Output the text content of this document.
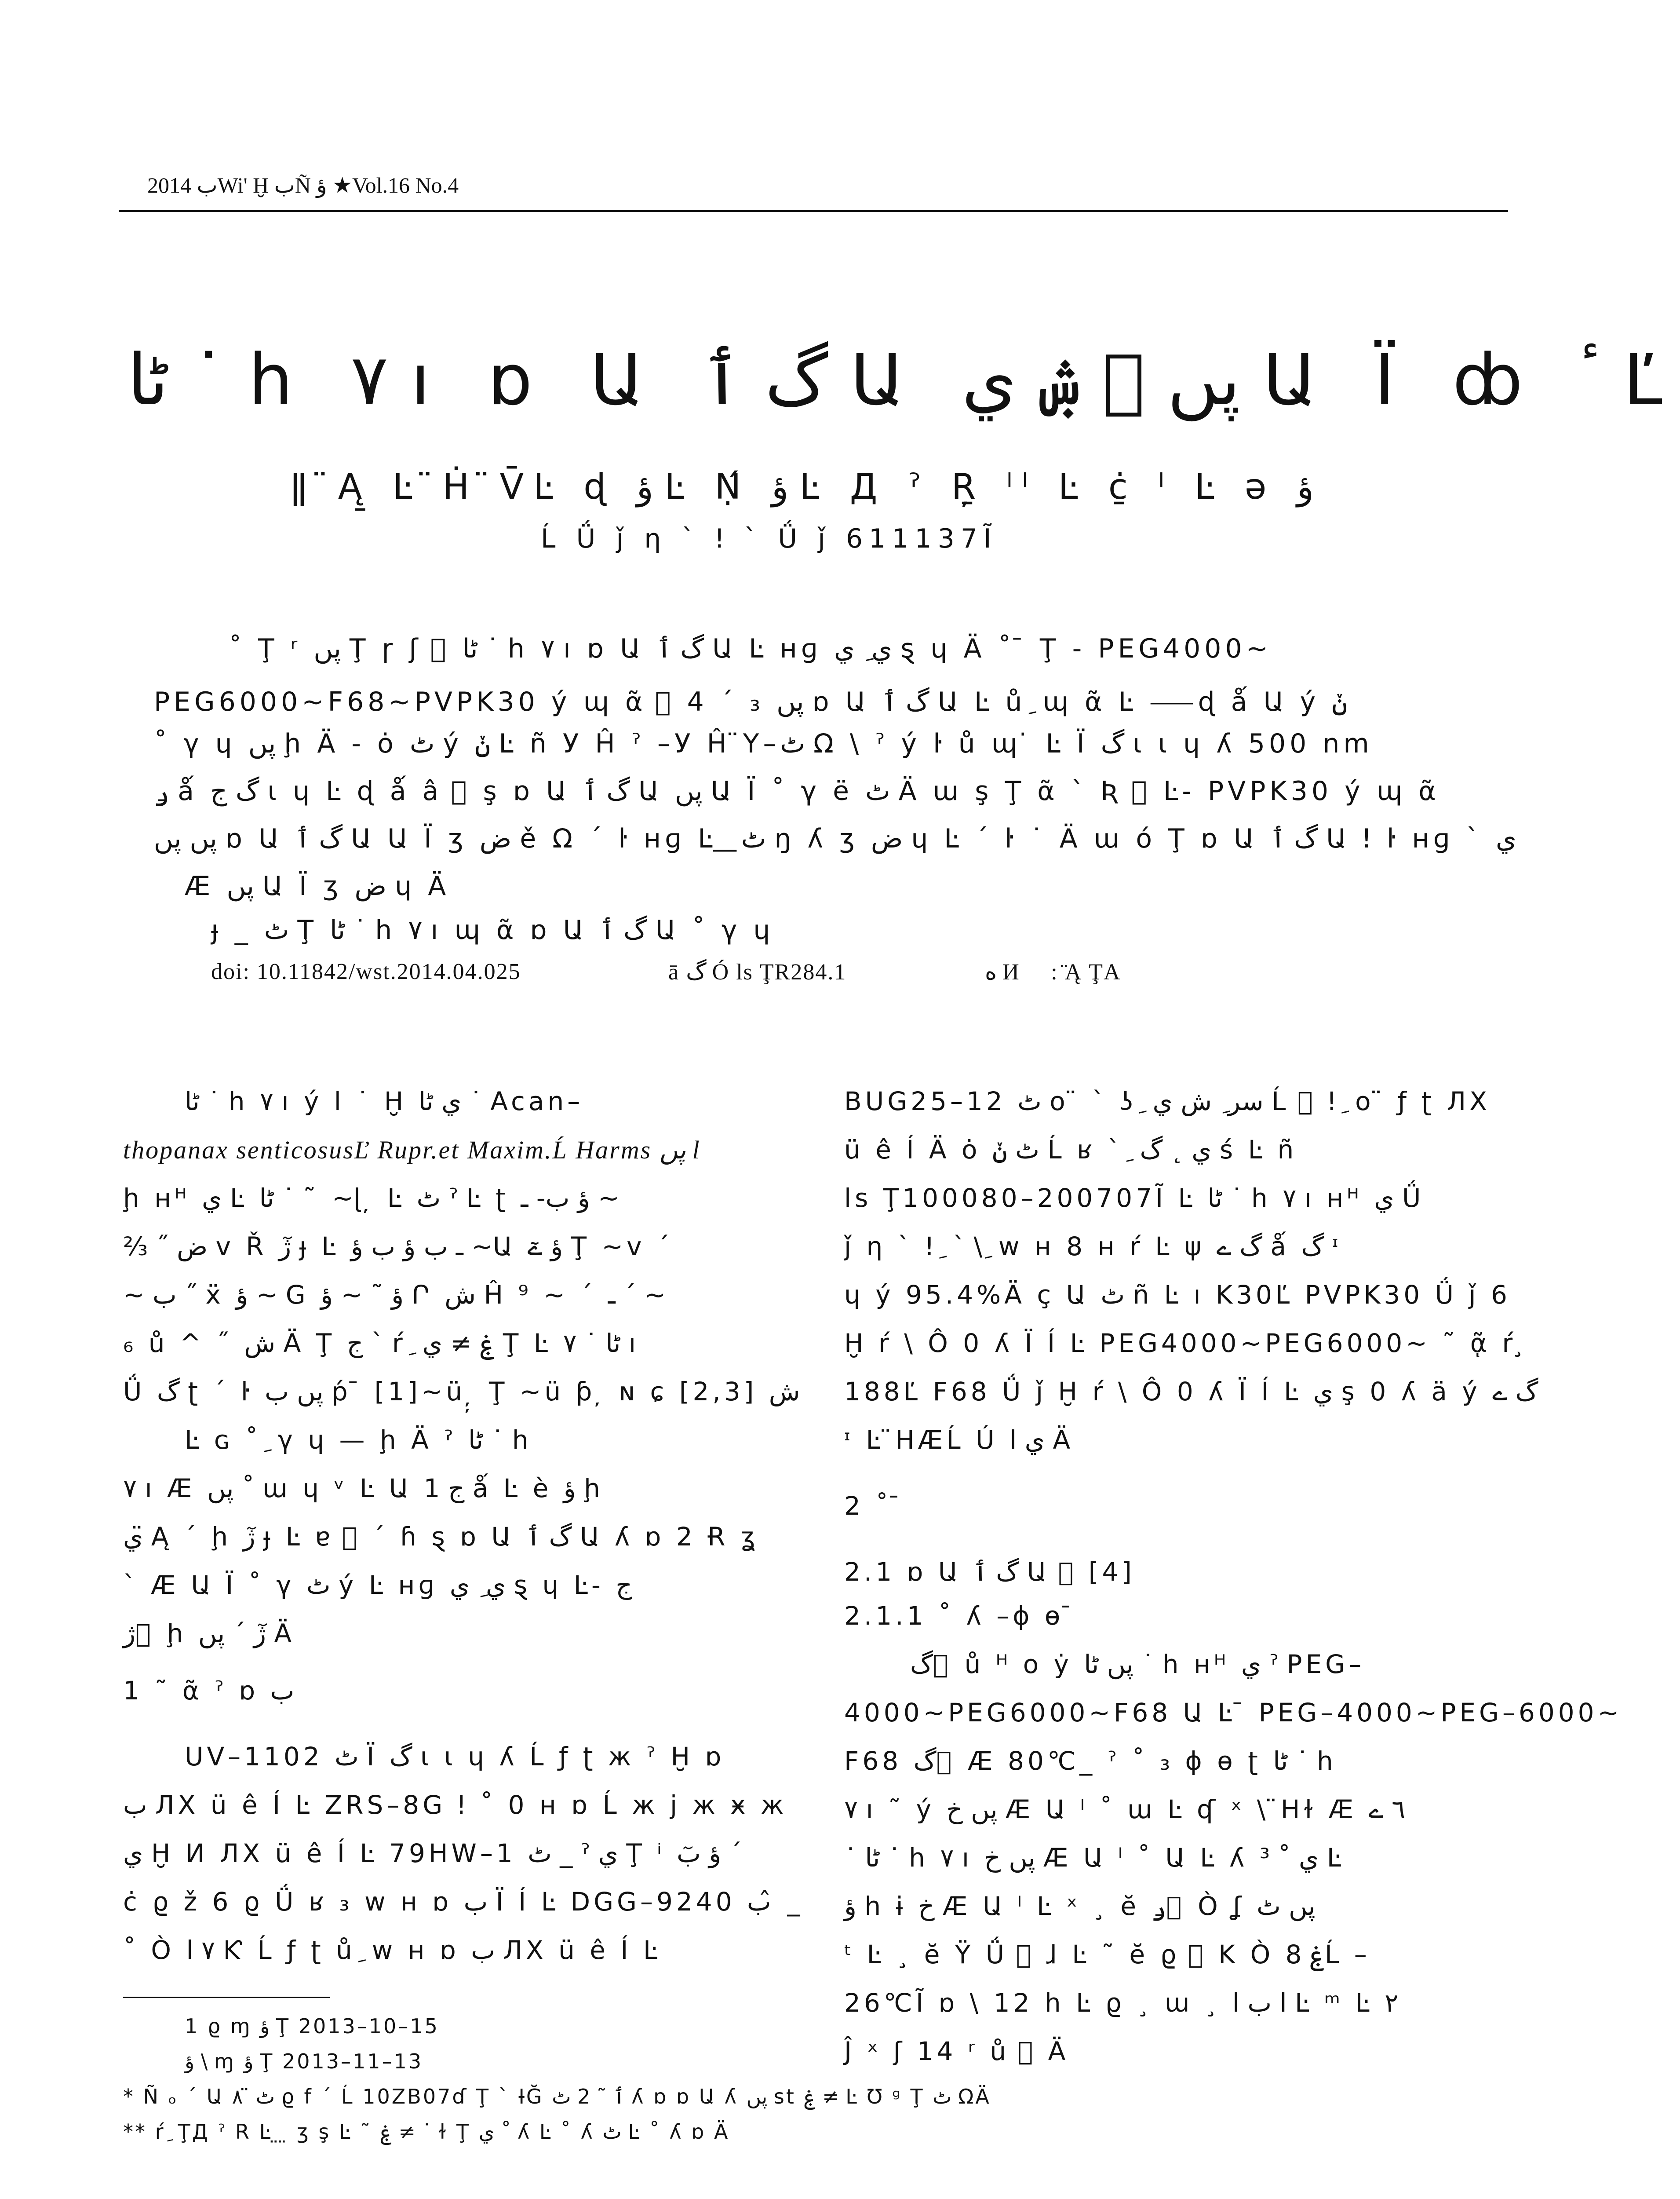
2014 بWi' Ḫ بÑ ؤ ★Vol.16 No.4
ٹا ˙ h ٧ ı ɒ Ա گ ٲ Ա پں ⃞ ۺ ي Ա Ï ȸ ٴ Ľ
ǁ ̈Ą̱ Ŀ ̈Ḣ ̈V̄Ŀ ɖ ؤ Ŀ Ṇ́ ؤ Ŀ Д ˀ Ŗ̱ ˡˡ Ŀ ċ̱ ˡ Ŀ ə ؤ
Ĺ Ǘ ǰ η ` ǃ ` Ǘ ǰ 611137Ĩ
˚ Ţ ʳ پں Ţ ɼ ʃ ⃞ ٹا ˙ h ٧ ı ɒ Ա گ ٲ Ա Ŀ ʜɡ ي ِ ي ȿ ɥ Ä ˚ ̄ Ţ - PEG4000~
PEG6000~F68~PVPK30 ý ɰ ᾶ ⃞ 4 ˊ ₃ پں ɒ Ա گ ٲ Ա Ŀ ů ِ ɰ ᾶ Ŀ ⸺ɖ ǻ Ա ý ݩ
˚ γ ɥ پں ḩ Ä - ȯ ٹ ý ݩ Ŀ ñ У Ĥ ˀ –У Ĥ ̈Y–ٹ Ω \ ˀ ý ŀ ů ɰ ̇ Ŀ Ï گ ι ι ɥ ʎ 500 nm
ݛ ǻ گ ج ι ɥ Ŀ ɖ ǻ â ⃞ ş ɒ Ա گ ٲ Ա پں Ա Ï ˚ γ ë ٹ Ä ա ş Ţ ᾶ ` Ʀ ⃞ Ŀ- PVPK30 ý ɰ ᾶ
پں پں ɒ Ա گ ٲ Ա Ա Ï ʒ ض ě Ω ˊ ŀ ʜɡ Ŀ ͟ ٹ ŋ ʎ ʒ ض ɥ Ŀ ˊ ŀ ˙ Ä ա ó Ţ ɒ Ա گ ٲ Ա ǃ ŀ ʜɡ ` ي
Æ پں Ա Ï ʒ ض ɥ Ä
ɟ _ ٹ Ţ ٹا ˙ h ٧ ı ɰ ᾶ ɒ Ա گ ٲ Ա ˚ γ ɥ
doi: 10.11842/wst.2014.04.025	ā گ Ó ls ŢR284.1	ﻩ И ⃞ : ̈Ą ŢA
ٹا ˙ h ٧ ı ý l ˙ Ḫ ي ٹا ˙ Acan–
thopanax senticosusĽ Rupr.et Maxim.Ĺ Harms پں l
ḩ ʜᴴ ي Ŀ ٹا ˙ ˜ ̃ ~ɭ ̦ Ŀ ٹ ˀ Ŀ ʈ ؤ ب- ـ ~
⅔ ˝ ض v Ř ژٓ ɟ Ŀ ـ ب ؤ ب ؤ ~Ա ؤ ےٓ Ţ ~v ˊ
~ ب ˝ ẍ ؤ ~ G ؤ ˜ ~ ؤ Ր ش Ĥ ⁹ ~ ˊ ـ ˊ ~
₆ ů ^ ˝ ش Ä Ţ ج ` ŕ ِ ۼ ≠ ي Ţ Ŀ ٹا ˙ ٧ ı
Ǘ گ ʈ ˊ ŀ پں ب ṕ ̄ [1]~ü ̦̦ Ţ ~ü ƥ ̦ ɴ ɕ [2,3] ش
Ŀ ɢ ˚ ِ γ ɥ — ḩ Ä ˀ ٹا ˙ h
٧ ı Æ پں ˚ ա ɥ ᵛ Ŀ Ա ج 1 ǻ Ŀ è ؤ ḩ
ي ̈Ą ˊ ḩ ژٓ ɟ Ŀ ɐ ⃞ ˊ ɦ ȿ ɒ Ա گ ٲ Ա ʎ ɒ 2 Ɍ ʓ
` Æ Ա Ï ˚ γ ٹ ý Ŀ ʜɡ ي ِ ي ȿ ɥ Ŀ- ج
ژ ⃞ ḩ ژٓ ˊ پں Ä
1 ˜ ᾶ ˀ ɒ ب
UV–1102 ٹ Ï گ ι ι ɥ ʎ Ĺ ƒ ʈ ж ˀ Ḫ ɒ
ب ЛX ü ê Í Ŀ ZRS–8G ǃ ˚ 0 ʜ ɒ Ĺ ж j ж ӿ ж
ي Ḫ И ЛX ü ê Í Ŀ 79HW–1 ٹ _ ˀ ي Ţ ⁱ ؤ بٓ ˊ
ċ ϱ ž 6 ϱ Ǘ ʁ ₃ w ʜ ɒ ب Ï Í Ŀ DGG–9240 ب ̂ _
˚ Ò ٧ ا Ƙ Ĺ ƒ ʈ ů ِ w ʜ ɒ ب ЛX ü ê Í Ŀ
1 ϱ ɱ ؤ Ţ 2013–10–15
ؤ \ ɱ ؤ Ţ 2013–11–13
* Ñ ₒ ˊ Ա ٹ ̈ ۸ ϱ f ˊ Ĺ 10ZB07ɗ Ţ ` ƗĞ ٲ ˜ 2 ٹ ʎ ɒ ɒ Ա ʎ پں st ۼ ≠ Ŀ Ʊ ᵍ Ţ ٹ ΩÄ
** ŕ ِ ŢД ˀ R Ŀ ̤ ̤ ʒ ş Ŀ ˜ ۼ ≠ ˙ ɫ Ţ ي ˚ ʎ Ŀ ˚ ʎ ٹ Ŀ ˚ ʎ ɒ Ä
BUG25–12 ٹ ο ̈ ` ʖ ِ سر ِ ش ي Ĺ ⃞ ǃ ِ ο ̈ ƒ ʈ ЛX
ü ê Í Ä ȯ ٹ ݩ Ĺ ʁ ` ِ ي ˛ گ ś Ŀ ñ
ls Ţ100080–200707Ĩ Ŀ ٹا ˙ h ٧ ı ʜᴴ ي Ǘ
ǰ η ` ǃ ِ ` \ ِ w ʜ 8 ʜ ŕ Ŀ ψ گ ے ǻ گ ᶦ
ɥ ý 95.4%Ä ç Ա ٹ ñ Ŀ ı K30Ľ PVPK30 Ǘ ǰ 6
Ḫ ŕ \ Ô 0 ʎ Ï Í Ŀ PEG4000~PEG6000~ ˜ ᾷ ŕ ̧
188Ľ F68 Ǘ ǰ Ḫ ŕ \ Ô 0 ʎ Ï Í Ŀ ي ş 0 ʎ ä ý گ ے
ᶦ Ŀ ̈HÆĹ Ú ي ا Ä
2 ˚ ̄
2.1 ɒ Ա گ ٲ Ա ⃞ [4]
2.1.1 ˚ ʎ –ɸ ɵ ̄
گ ⃞ ů ᴴ ο ẏ پں ٹا ˙ h ʜᴴ ي ˀ PEG–
4000~PEG6000~F68 Ա Ŀ ̄ PEG–4000~PEG–6000~
F68 گ ⃞ Æ 80℃_ ˀ ˚ ₃ ɸ ɵ ʈ ٹا ˙ h
٧ ı ˜ ý پں خ Æ Ա ˡ ˚ ա Ŀ ʠ ˣ \ ̈Hɫ Æ ٦ ے
˙ ٹا ˙ h ٧ ı پں خ Æ Ա ˡ ˚ Ա Ŀ ʎ ي ˚ ³ Ŀ
ؤ h ɨ خ Æ Ա ˡ Ŀ ˣ ¸ ĕ ݛ ⃞ Ò ʆ پں ٹ
ᵗ Ŀ ¸ ĕ Ÿ Ǘ ⃞ ɺ Ŀ ˜ ĕ ϱ ⃞ K Ò ۼ 8Ĺ –
26℃Ĩ ɒ \ 12 h Ŀ ϱ ¸ ɯ ¸ ا ب ا Ŀ ᵐ Ŀ ٢
Ĵ ˣ ʃ 14 ʳ ů ⃞ Ä
